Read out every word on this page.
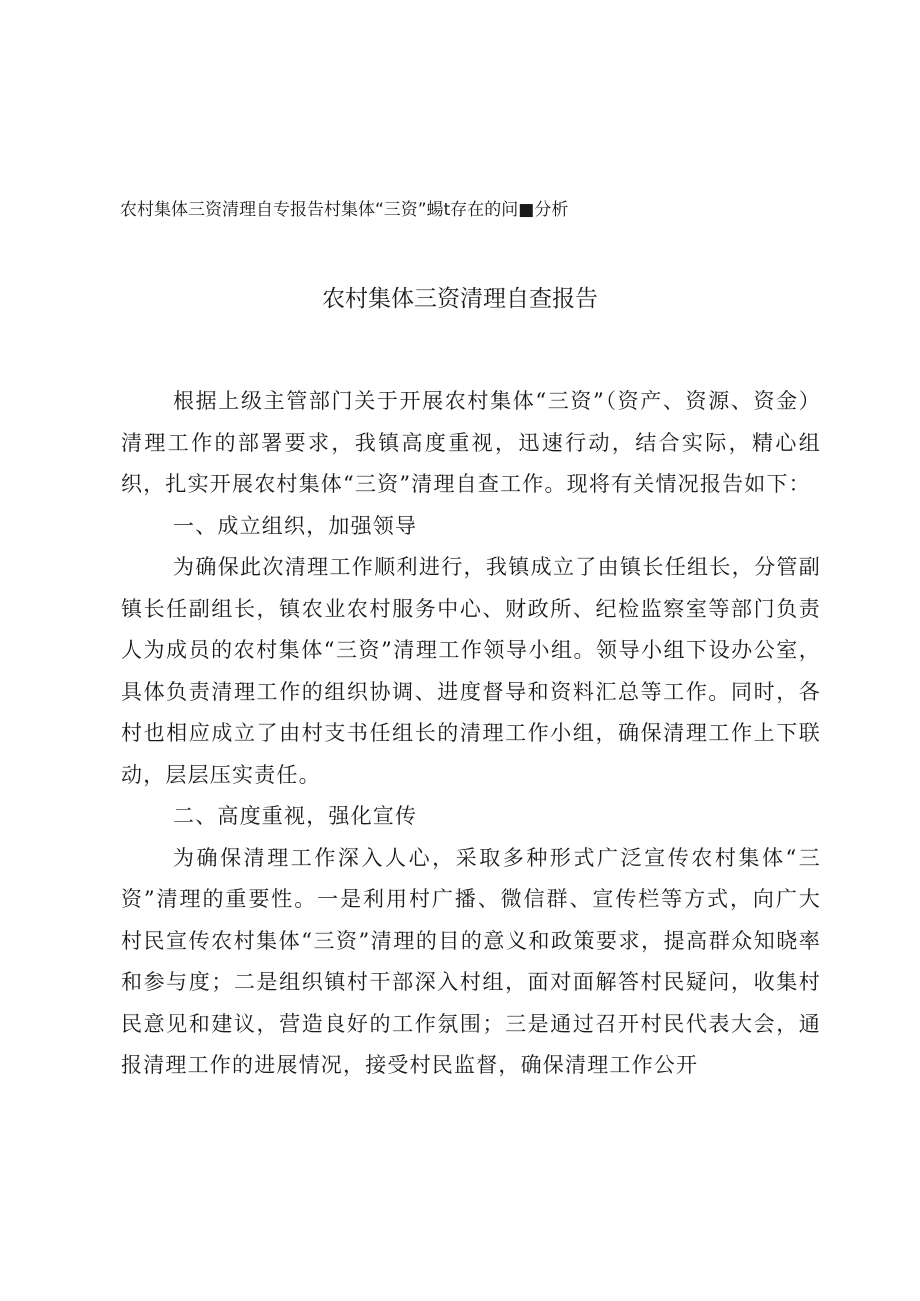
农村集体三资清理自专报告村集体“三资”蝪t存在的问■分析
农村集体三资清理自查报告

根据上级主管部门关于开展农村集体“三资”（资产、资源、资金）清理工作的部署要求，我镇高度重视，迅速行动，结合实际，精心组织，扎实开展农村集体“三资”清理自查工作。现将有关情况报告如下：

一、成立组织，加强领导

为确保此次清理工作顺利进行，我镇成立了由镇长任组长，分管副镇长任副组长，镇农业农村服务中心、财政所、纪检监察室等部门负责人为成员的农村集体“三资”清理工作领导小组。领导小组下设办公室，具体负责清理工作的组织协调、进度督导和资料汇总等工作。同时，各村也相应成立了由村支书任组长的清理工作小组，确保清理工作上下联动，层层压实责任。

二、高度重视，强化宣传

为确保清理工作深入人心，采取多种形式广泛宣传农村集体“三资”清理的重要性。一是利用村广播、微信群、宣传栏等方式，向广大村民宣传农村集体“三资”清理的目的意义和政策要求，提高群众知晓率和参与度；二是组织镇村干部深入村组，面对面解答村民疑问，收集村民意见和建议，营造良好的工作氛围；三是通过召开村民代表大会，通报清理工作的进展情况，接受村民监督，确保清理工作公开
